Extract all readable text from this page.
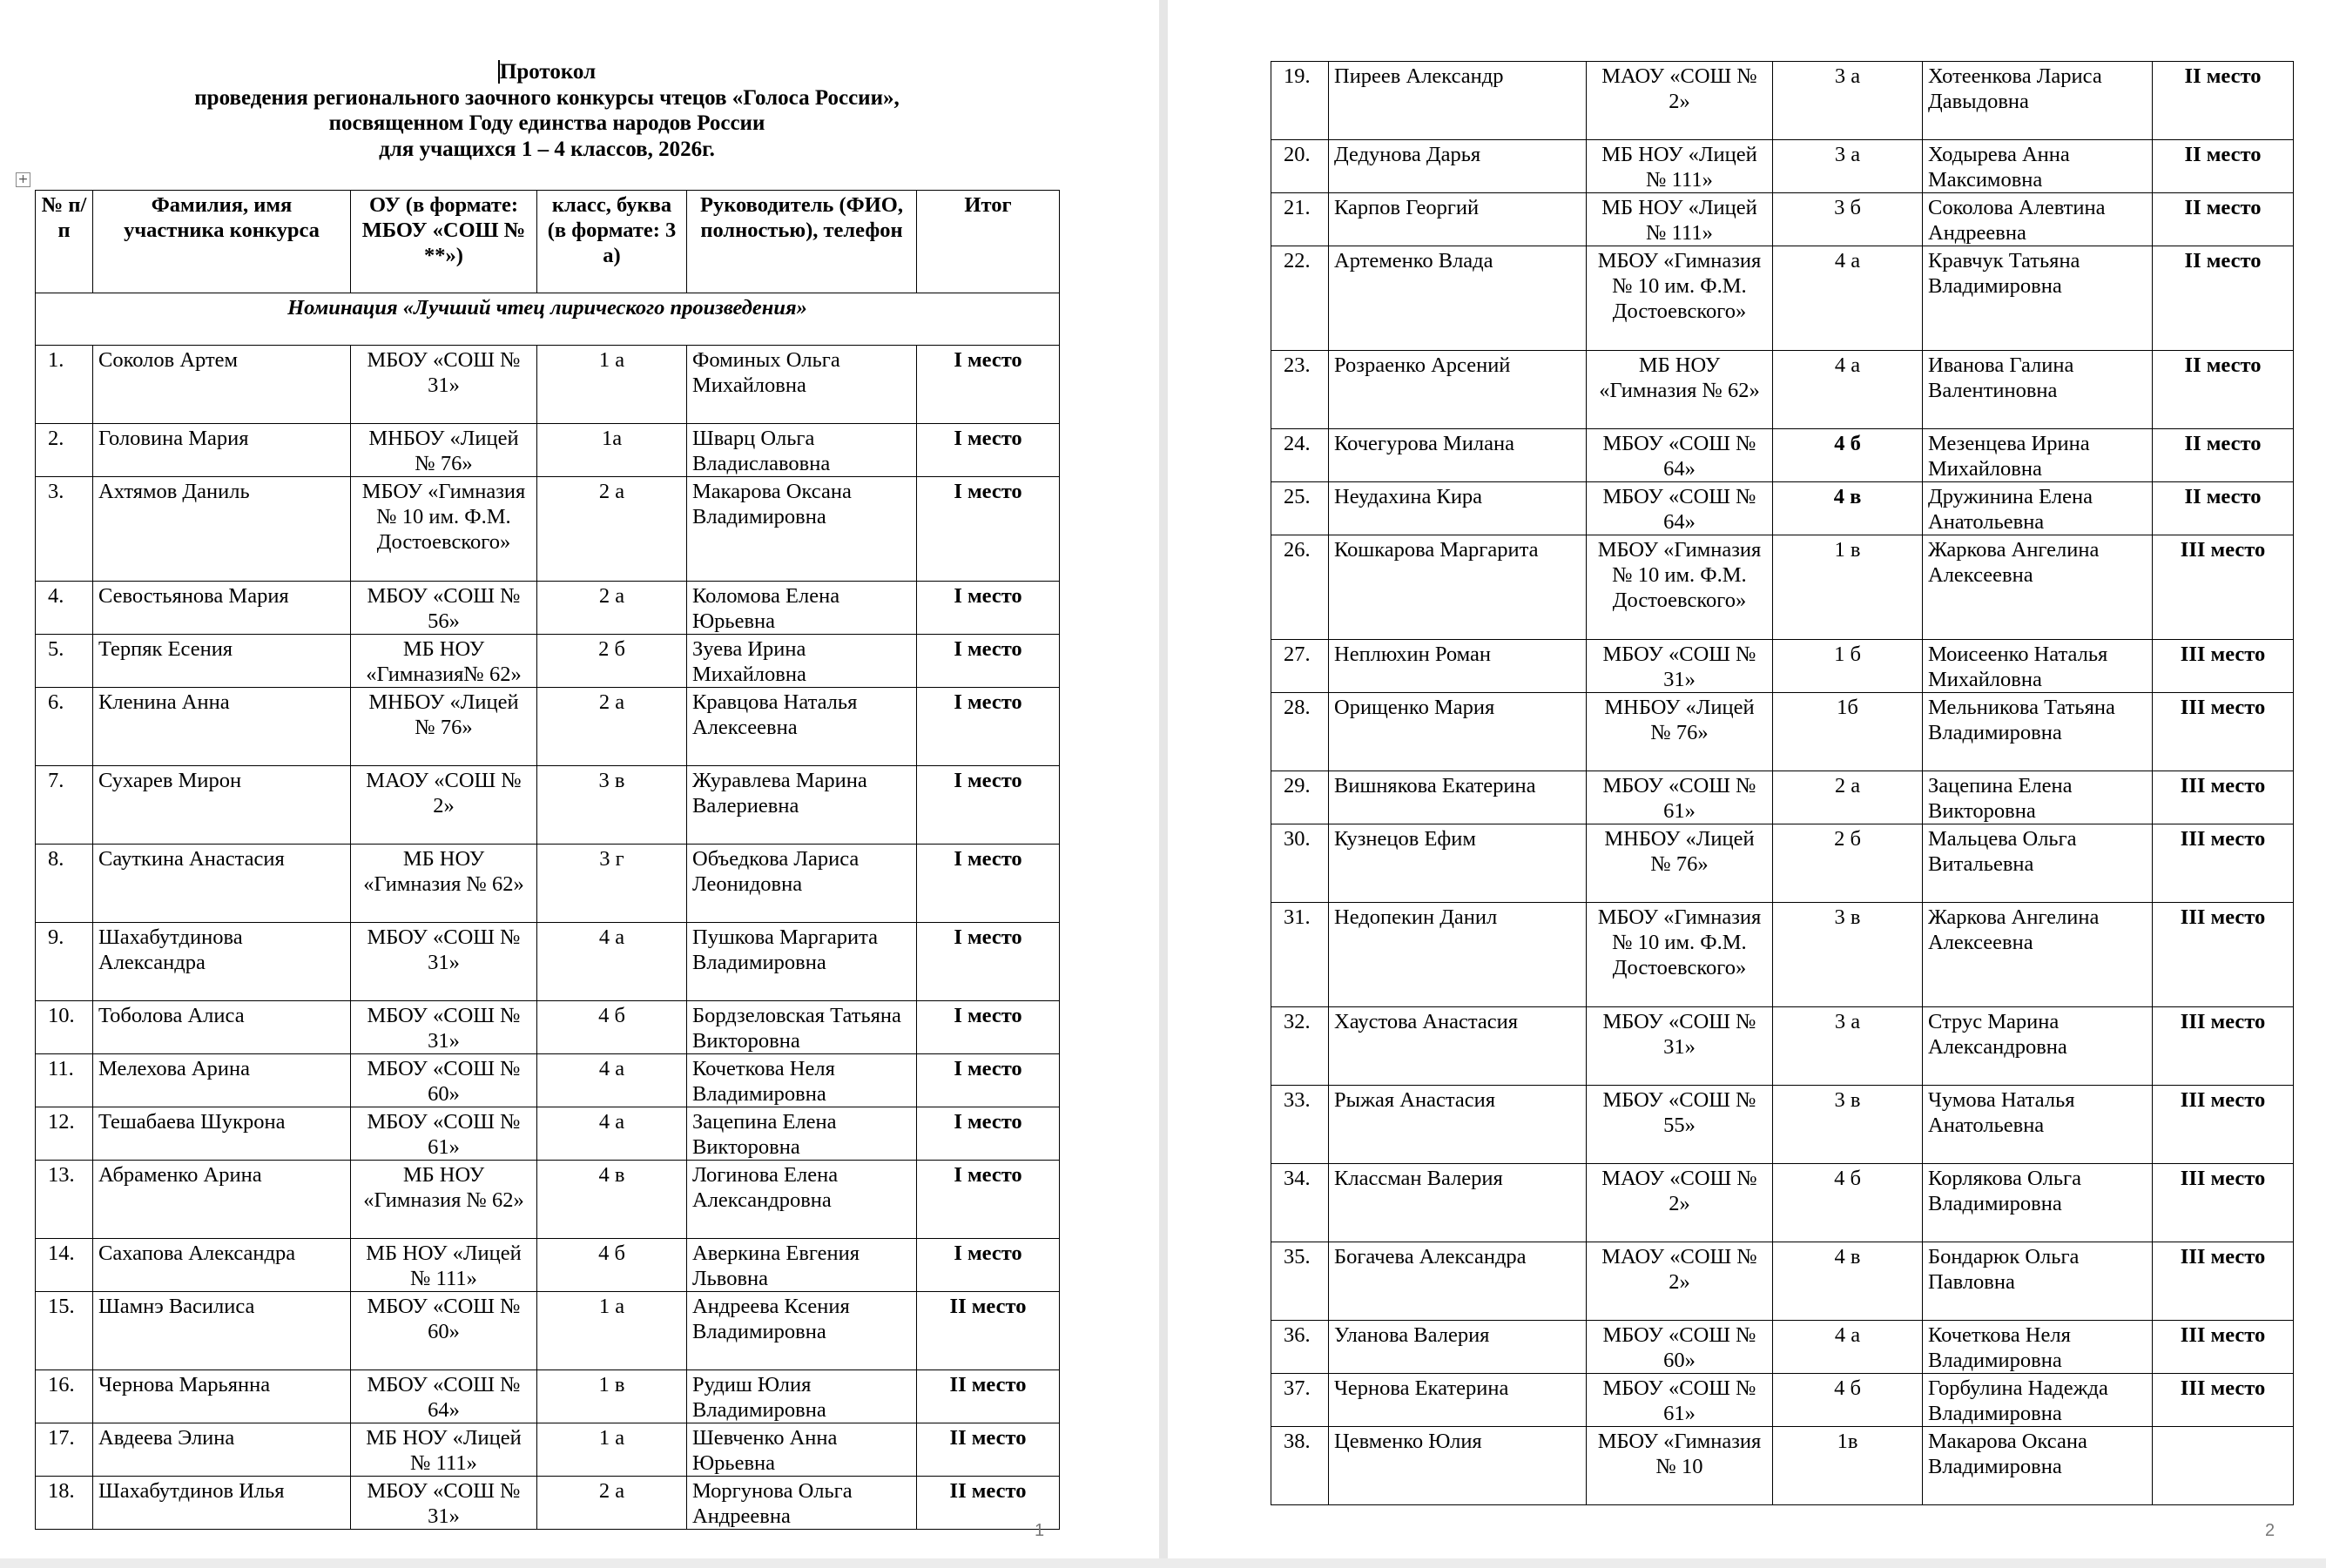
Протокол
проведения регионального заочного конкурсы чтецов «Голоса России»,
посвященном Году единства народов России
для учащихся 1 – 4 классов, 2026г.
+
№ п/п	Фамилия, имя участника конкурса	ОУ (в формате: МБОУ «СОШ № **»)	класс, буква (в формате: 3 а)	Руководитель (ФИО, полностью), телефон	Итог
Номинация «Лучший чтец лирического произведения»					
1.	Соколов Артем	МБОУ «СОШ № 31»	1 а	Фоминых Ольга Михайловна	I место
2.	Головина Мария	МНБОУ «Лицей № 76»	1а	Шварц Ольга Владиславовна	I место
3.	Ахтямов Даниль	МБОУ «Гимназия № 10 им. Ф.М. Достоевского»	2 а	Макарова Оксана Владимировна	I место
4.	Севостьянова Мария	МБОУ «СОШ № 56»	2 а	Коломова Елена Юрьевна	I место
5.	Терпяк Есения	МБ НОУ «Гимназия№ 62»	2 б	Зуева Ирина Михайловна	I место
6.	Кленина Анна	МНБОУ «Лицей № 76»	2 а	Кравцова Наталья Алексеевна	I место
7.	Сухарев Мирон	МАОУ «СОШ № 2»	3 в	Журавлева Марина Валериевна	I место
8.	Сауткина Анастасия	МБ НОУ «Гимназия № 62»	3 г	Объедкова Лариса Леонидовна	I место
9.	Шахабутдинова Александра	МБОУ «СОШ № 31»	4 а	Пушкова Маргарита Владимировна	I место
10.	Тоболова Алиса	МБОУ «СОШ № 31»	4 б	Бордзеловская Татьяна Викторовна	I место
11.	Мелехова Арина	МБОУ «СОШ № 60»	4 а	Кочеткова Неля Владимировна	I место
12.	Тешабаева Шукрона	МБОУ «СОШ № 61»	4 а	Зацепина Елена Викторовна	I место
13.	Абраменко Арина	МБ НОУ «Гимназия № 62»	4 в	Логинова Елена Александровна	I место
14.	Сахапова Александра	МБ НОУ «Лицей № 111»	4 б	Аверкина Евгения Львовна	I место
15.	Шамнэ Василиса	МБОУ «СОШ № 60»	1 а	Андреева Ксения Владимировна	II место
16.	Чернова Марьянна	МБОУ «СОШ № 64»	1 в	Рудиш Юлия Владимировна	II место
17.	Авдеева Элина	МБ НОУ «Лицей № 111»	1 а	Шевченко Анна Юрьевна	II место
18.	Шахабутдинов Илья	МБОУ «СОШ № 31»	2 а	Моргунова Ольга Андреевна	II место
1
19.	Пиреев Александр	МАОУ «СОШ № 2»	3 а	Хотеенкова Лариса Давыдовна	II место
20.	Дедунова Дарья	МБ НОУ «Лицей № 111»	3 а	Ходырева Анна Максимовна	II место
21.	Карпов Георгий	МБ НОУ «Лицей № 111»	3 б	Соколова Алевтина Андреевна	II место
22.	Артеменко Влада	МБОУ «Гимназия № 10 им. Ф.М. Достоевского»	4 а	Кравчук Татьяна Владимировна	II место
23.	Розраенко Арсений	МБ НОУ «Гимназия № 62»	4 а	Иванова Галина Валентиновна	II место
24.	Кочегурова Милана	МБОУ «СОШ № 64»	4 б	Мезенцева Ирина Михайловна	II место
25.	Неудахина Кира	МБОУ «СОШ № 64»	4 в	Дружинина Елена Анатольевна	II место
26.	Кошкарова Маргарита	МБОУ «Гимназия № 10 им. Ф.М. Достоевского»	1 в	Жаркова Ангелина Алексеевна	III место
27.	Неплюхин Роман	МБОУ «СОШ № 31»	1 б	Моисеенко Наталья Михайловна	III место
28.	Орищенко Мария	МНБОУ «Лицей № 76»	1б	Мельникова Татьяна Владимировна	III место
29.	Вишнякова Екатерина	МБОУ «СОШ № 61»	2 а	Зацепина Елена Викторовна	III место
30.	Кузнецов Ефим	МНБОУ «Лицей № 76»	2 б	Мальцева Ольга Витальевна	III место
31.	Недопекин Данил	МБОУ «Гимназия № 10 им. Ф.М. Достоевского»	3 в	Жаркова Ангелина Алексеевна	III место
32.	Хаустова Анастасия	МБОУ «СОШ № 31»	3 а	Струс Марина Александровна	III место
33.	Рыжая Анастасия	МБОУ «СОШ № 55»	3 в	Чумова Наталья Анатольевна	III место
34.	Классман Валерия	МАОУ «СОШ № 2»	4 б	Корлякова Ольга Владимировна	III место
35.	Богачева Александра	МАОУ «СОШ № 2»	4 в	Бондарюк Ольга Павловна	III место
36.	Уланова Валерия	МБОУ «СОШ № 60»	4 а	Кочеткова Неля Владимировна	III место
37.	Чернова Екатерина	МБОУ «СОШ № 61»	4 б	Горбулина Надежда Владимировна	III место
38.	Цевменко Юлия	МБОУ «Гимназия № 10	1в	Макарова Оксана Владимировна	
2
